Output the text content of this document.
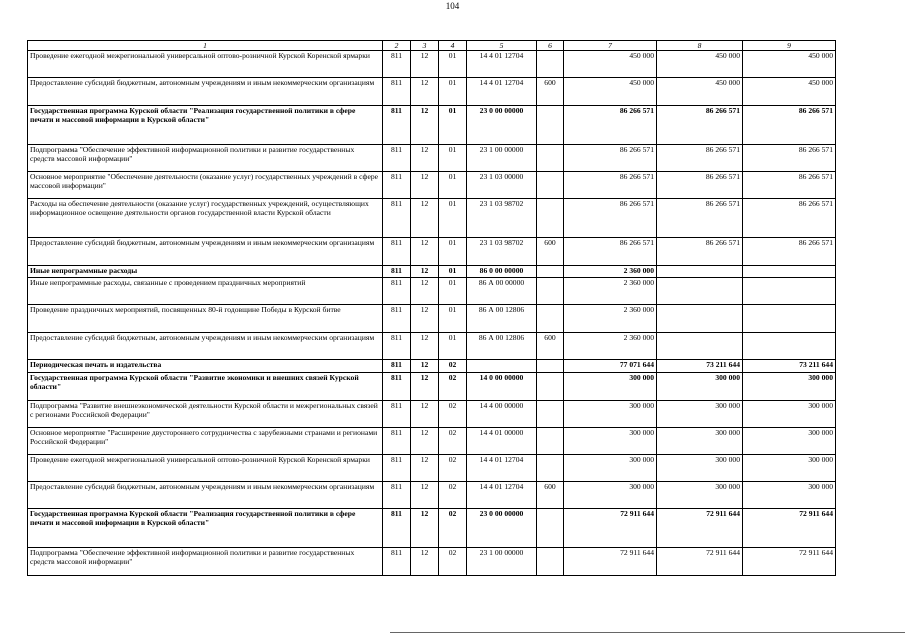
104
1	2	3	4	5	6	7	8	9
Проведение ежегодной межрегиональной универсальной оптово-розничной Курской Коренской ярмарки	811	12	01	14 4 01 12704		450 000	450 000	450 000
Предоставление субсидий бюджетным, автономным учреждениям и иным некоммерческим организациям	811	12	01	14 4 01 12704	600	450 000	450 000	450 000
Государственная программа Курской области "Реализация государственной политики в сфере печати и массовой информации в Курской области"	811	12	01	23 0 00 00000		86 266 571	86 266 571	86 266 571
Подпрограмма "Обеспечение эффективной информационной политики и развитие государственных средств массовой информации"	811	12	01	23 1 00 00000		86 266 571	86 266 571	86 266 571
Основное мероприятие "Обеспечение деятельности (оказание услуг) государственных учреждений в сфере массовой информации"	811	12	01	23 1 03 00000		86 266 571	86 266 571	86 266 571
Расходы на обеспечение деятельности (оказание услуг) государственных учреждений, осуществляющих информационное освещение деятельности органов государственной власти Курской области	811	12	01	23 1 03 98702		86 266 571	86 266 571	86 266 571
Предоставление субсидий бюджетным, автономным учреждениям и иным некоммерческим организациям	811	12	01	23 1 03 98702	600	86 266 571	86 266 571	86 266 571
Иные непрограммные расходы	811	12	01	86 0 00 00000		2 360 000		
Иные непрограммные расходы, связанные с проведением праздничных мероприятий	811	12	01	86 А 00 00000		2 360 000		
Проведение праздничных мероприятий, посвященных 80-й годовщине Победы в Курской битве	811	12	01	86 А 00 12806		2 360 000		
Предоставление субсидий бюджетным, автономным учреждениям и иным некоммерческим организациям	811	12	01	86 А 00 12806	600	2 360 000		
Периодическая печать и издательства	811	12	02			77 071 644	73 211 644	73 211 644
Государственная программа Курской области "Развитие экономики и внешних связей Курской области"	811	12	02	14 0 00 00000		300 000	300 000	300 000
Подпрограмма "Развитие внешнеэкономической деятельности Курской области и межрегиональных связей с регионами Российской Федерации"	811	12	02	14 4 00 00000		300 000	300 000	300 000
Основное мероприятие "Расширение двустороннего сотрудничества с зарубежными странами и регионами Российской Федерации"	811	12	02	14 4 01 00000		300 000	300 000	300 000
Проведение ежегодной межрегиональной универсальной оптово-розничной Курской Коренской ярмарки	811	12	02	14 4 01 12704		300 000	300 000	300 000
Предоставление субсидий бюджетным, автономным учреждениям и иным некоммерческим организациям	811	12	02	14 4 01 12704	600	300 000	300 000	300 000
Государственная программа Курской области "Реализация государственной политики в сфере печати и массовой информации в Курской области"	811	12	02	23 0 00 00000		72 911 644	72 911 644	72 911 644
Подпрограмма "Обеспечение эффективной информационной политики и развитие государственных средств массовой информации"	811	12	02	23 1 00 00000		72 911 644	72 911 644	72 911 644
